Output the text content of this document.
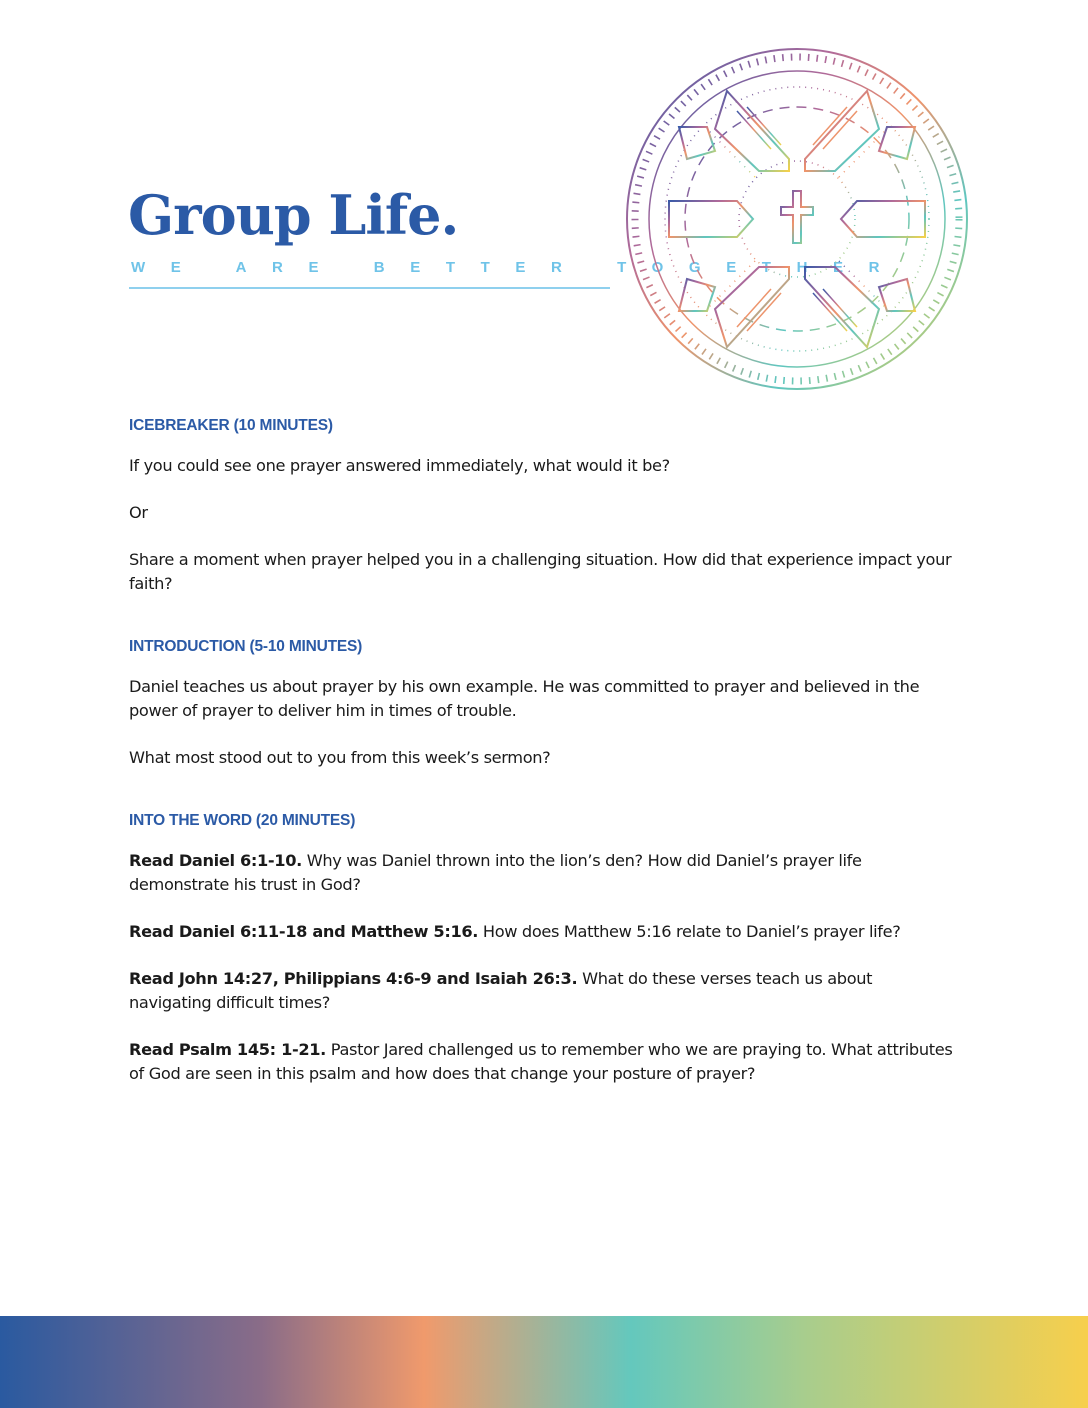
Group Life.
WE ARE BETTER TOGETHER
ICEBREAKER (10 MINUTES)

If you could see one prayer answered immediately, what would it be?

Or

Share a moment when prayer helped you in a challenging situation. How did that experience impact your faith?

INTRODUCTION (5-10 MINUTES)

Daniel teaches us about prayer by his own example. He was committed to prayer and believed in the power of prayer to deliver him in times of trouble.

What most stood out to you from this week’s sermon?

INTO THE WORD (20 MINUTES)

Read Daniel 6:1-10. Why was Daniel thrown into the lion’s den? How did Daniel’s prayer life demonstrate his trust in God?

Read Daniel 6:11-18 and Matthew 5:16. How does Matthew 5:16 relate to Daniel’s prayer life?

Read John 14:27, Philippians 4:6-9 and Isaiah 26:3. What do these verses teach us about navigating difficult times?

Read Psalm 145: 1-21. Pastor Jared challenged us to remember who we are praying to. What attributes of God are seen in this psalm and how does that change your posture of prayer?
